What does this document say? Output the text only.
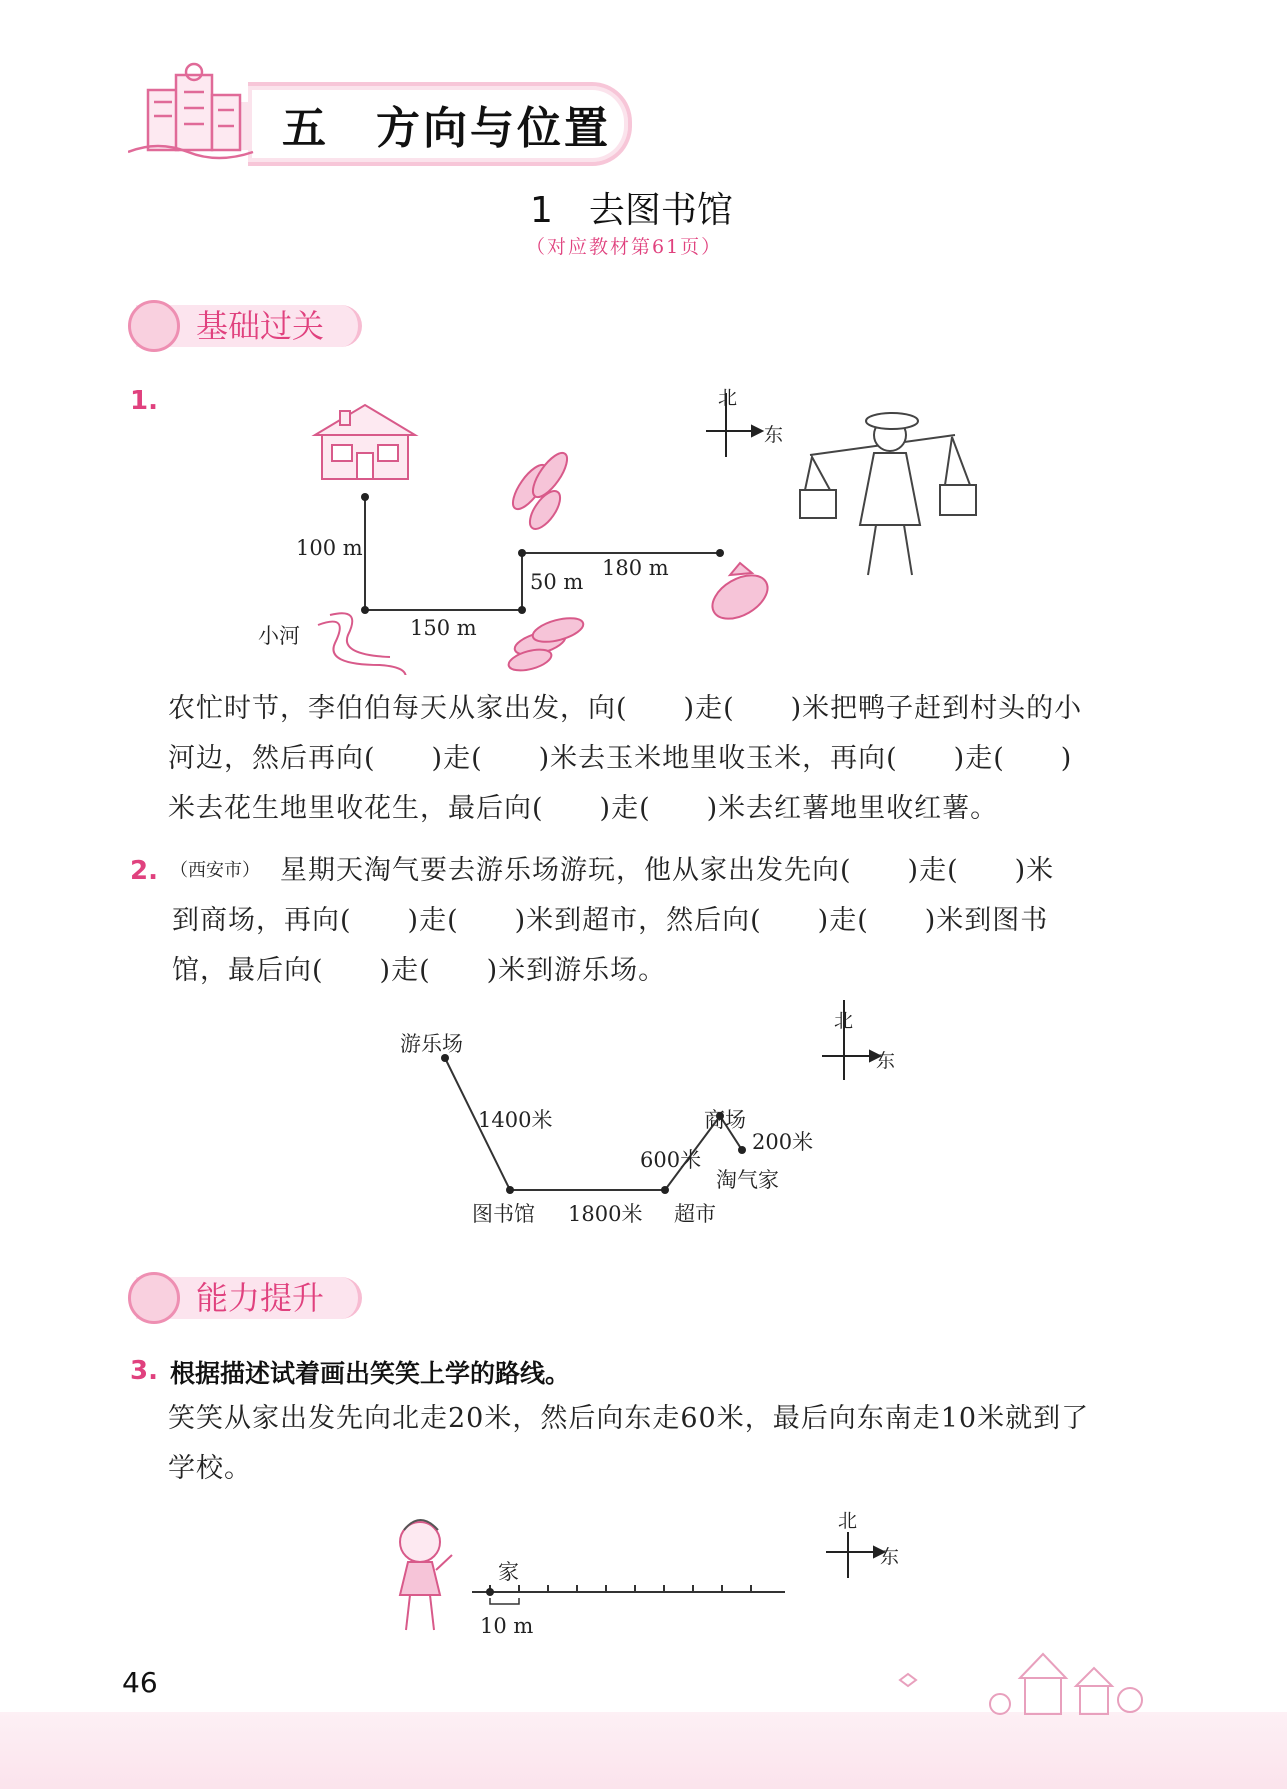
五　方向与位置
1　去图书馆
（对应教材第61页）
基础过关
1.	北
东
100 m
150 m
50 m
180 m
小河
农忙时节，李伯伯每天从家出发，向(　　)走(　　)米把鸭子赶到村头的小
河边，然后再向(　　)走(　　)米去玉米地里收玉米，再向(　　)走(　　)
米去花生地里收花生，最后向(　　)走(　　)米去红薯地里收红薯。
2. （西安市） 星期天淘气要去游乐场游玩，他从家出发先向(　　)走(　　)米
到商场，再向(　　)走(　　)米到超市，然后向(　　)走(　　)米到图书
馆，最后向(　　)走(　　)米到游乐场。
北
东
游乐场
1400米	商场
200米
600米
淘气家
图书馆 1800米 超市
能力提升
3. 根据描述试着画出笑笑上学的路线。
笑笑从家出发先向北走20米，然后向东走60米，最后向东南走10米就到了
学校。
北
东
家
10 m
46
